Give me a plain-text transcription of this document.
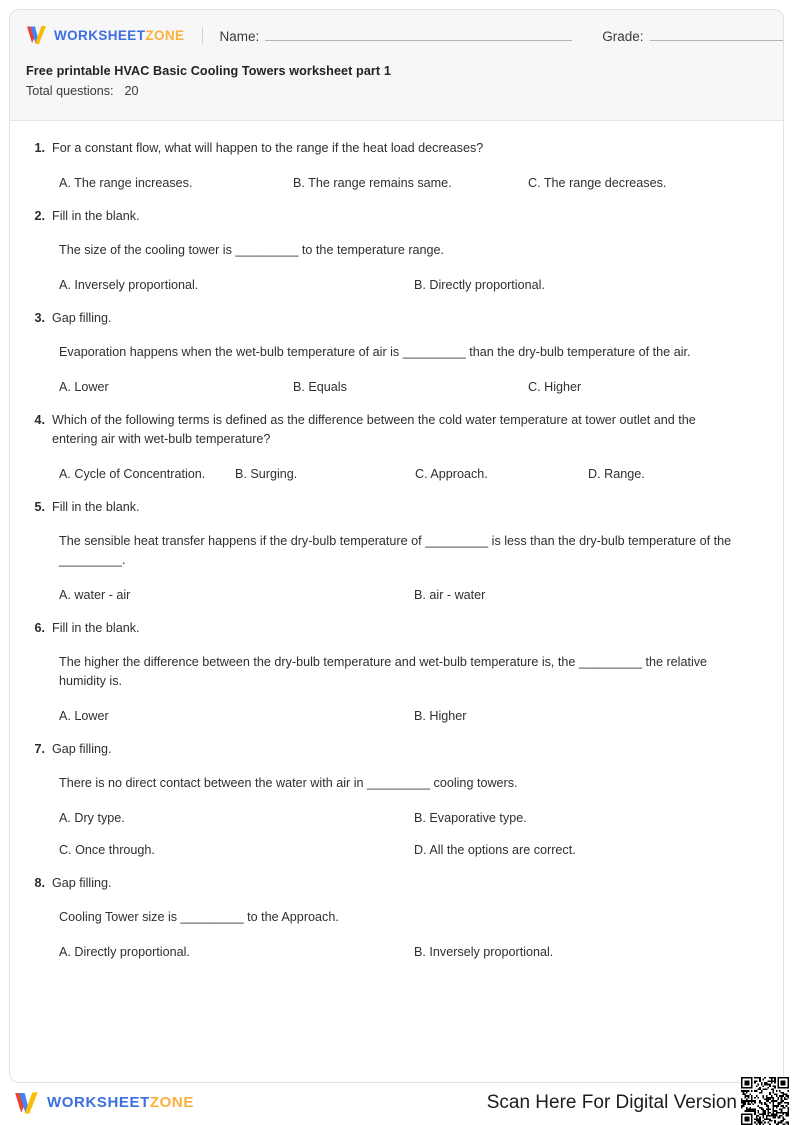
WORKSHEETZONE	Name:	Grade:
Free printable HVAC Basic Cooling Towers worksheet part 1
Total questions: 20
1. For a constant flow, what will happen to the range if the heat load decreases?
A. The range increases.	B. The range remains same.	C. The range decreases.
2. Fill in the blank.
The size of the cooling tower is _________ to the temperature range.
A. Inversely proportional.	B. Directly proportional.
3. Gap filling.
Evaporation happens when the wet-bulb temperature of air is _________ than the dry-bulb temperature of the air.
A. Lower	B. Equals	C. Higher
4. Which of the following terms is defined as the difference between the cold water temperature at tower outlet and the entering air with wet-bulb temperature?
A. Cycle of Concentration. B. Surging.	C. Approach.	D. Range.
5. Fill in the blank.
The sensible heat transfer happens if the dry-bulb temperature of _________ is less than the dry-bulb temperature of the _________.
A. water - air	B. air - water
6. Fill in the blank.
The higher the difference between the dry-bulb temperature and wet-bulb temperature is, the _________ the relative humidity is.
A. Lower	B. Higher
7. Gap filling.
There is no direct contact between the water with air in _________ cooling towers.
A. Dry type.	B. Evaporative type.
C. Once through.	D. All the options are correct.
8. Gap filling.
Cooling Tower size is _________ to the Approach.
A. Directly proportional.	B. Inversely proportional.
WORKSHEETZONE	Scan Here For Digital Version
